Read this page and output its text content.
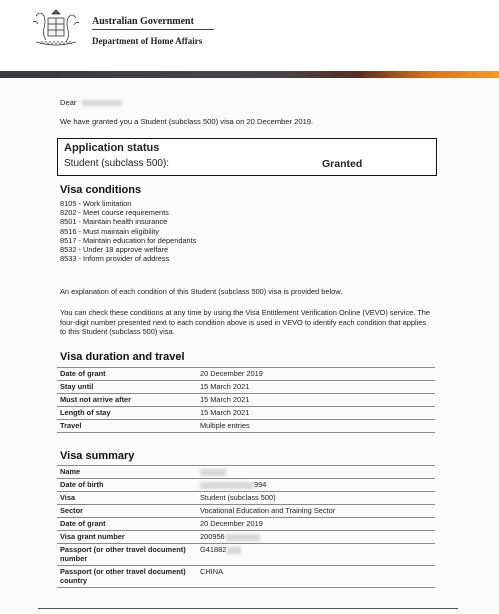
Australian Government
Department of Home Affairs

Dear

We have granted you a Student (subclass 500) visa on 20 December 2019.

Application status
Student (subclass 500):	Granted
Visa conditions
8105 - Work limitation
8202 - Meet course requirements
8501 - Maintain health insurance
8516 - Must maintain eligibility
8517 - Maintain education for dependants
8532 - Under 18 approve welfare
8533 - Inform provider of address
An explanation of each condition of this Student (subclass 500) visa is provided below.
You can check these conditions at any time by using the Visa Entitlement Verification Online (VEVO) service. The four-digit number presented next to each condition above is used in VEVO to identify each condition that applies to this Student (subclass 500) visa.
Visa duration and travel
Date of grant	20 December 2019
Stay until	15 March 2021
Must not arrive after	15 March 2021
Length of stay	15 March 2021
Travel	Multiple entries
Visa summary
Name	
Date of birth	994
Visa	Student (subclass 500)
Sector	Vocational Education and Training Sector
Date of grant	20 December 2019
Visa grant number	200956
Passport (or other travel document) number	G41882
Passport (or other travel document) country	CHINA
